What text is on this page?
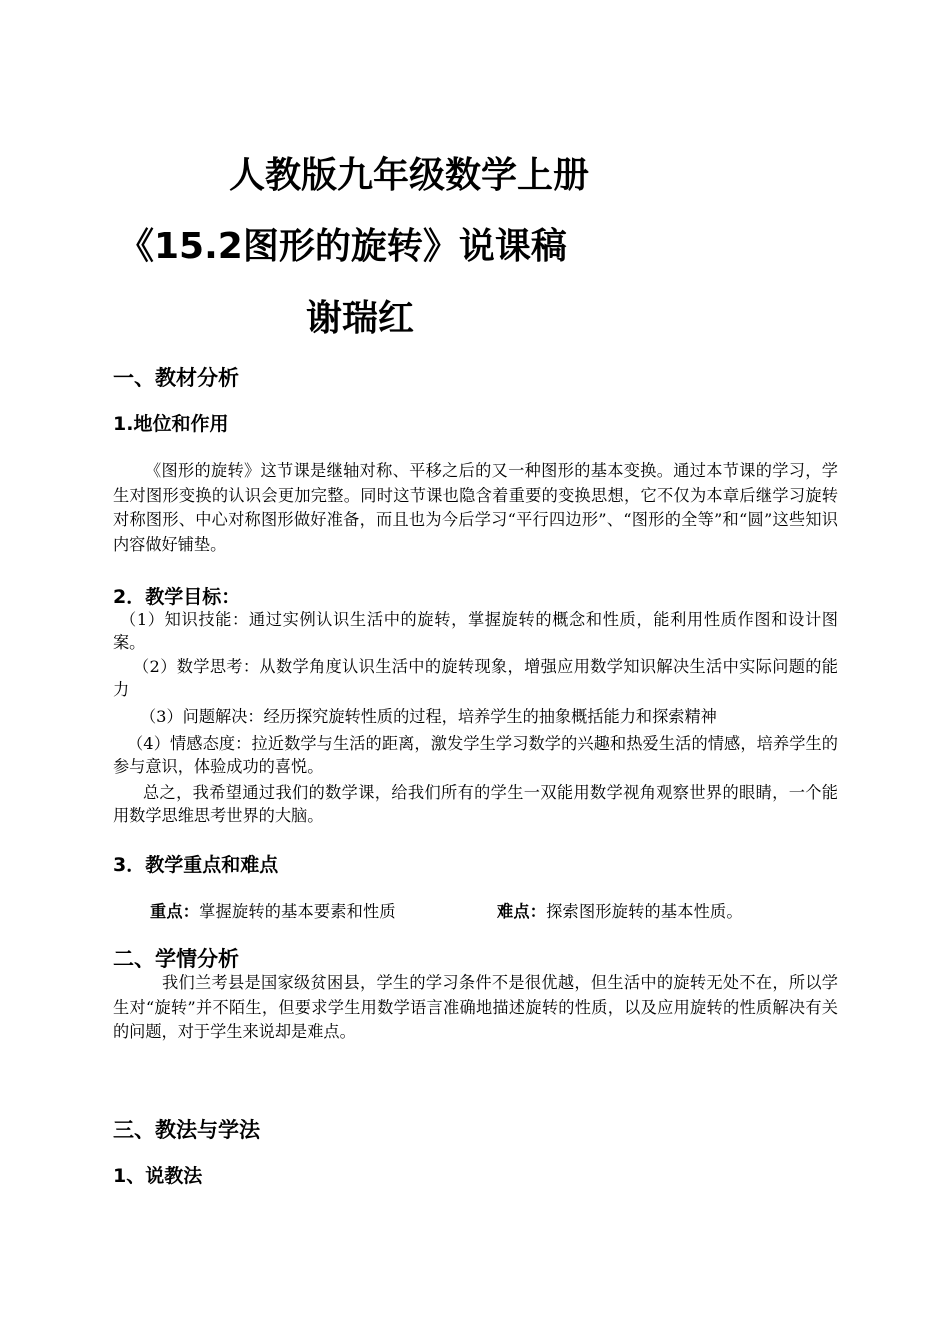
人教版九年级数学上册
《15.2图形的旋转》说课稿
谢瑞红
一、教材分析
1.地位和作用
《图形的旋转》这节课是继轴对称、平移之后的又一种图形的基本变换。通过本节课的学习，学生对图形变换的认识会更加完整。同时这节课也隐含着重要的变换思想，它不仅为本章后继学习旋转对称图形、中心对称图形做好准备，而且也为今后学习“平行四边形”、“图形的全等”和“圆”这些知识内容做好铺垫。
2．教学目标：
（1）知识技能：通过实例认识生活中的旋转，掌握旋转的概念和性质，能利用性质作图和设计图案。
（2）数学思考：从数学角度认识生活中的旋转现象，增强应用数学知识解决生活中实际问题的能力
（3）问题解决：经历探究旋转性质的过程，培养学生的抽象概括能力和探索精神
（4）情感态度：拉近数学与生活的距离，激发学生学习数学的兴趣和热爱生活的情感，培养学生的参与意识，体验成功的喜悦。
总之，我希望通过我们的数学课，给我们所有的学生一双能用数学视角观察世界的眼睛，一个能用数学思维思考世界的大脑。
3．教学重点和难点
重点：掌握旋转的基本要素和性质	难点：探索图形旋转的基本性质。
二、学情分析
我们兰考县是国家级贫困县，学生的学习条件不是很优越，但生活中的旋转无处不在，所以学生对“旋转”并不陌生，但要求学生用数学语言准确地描述旋转的性质，以及应用旋转的性质解决有关的问题，对于学生来说却是难点。
三、教法与学法
1、说教法
